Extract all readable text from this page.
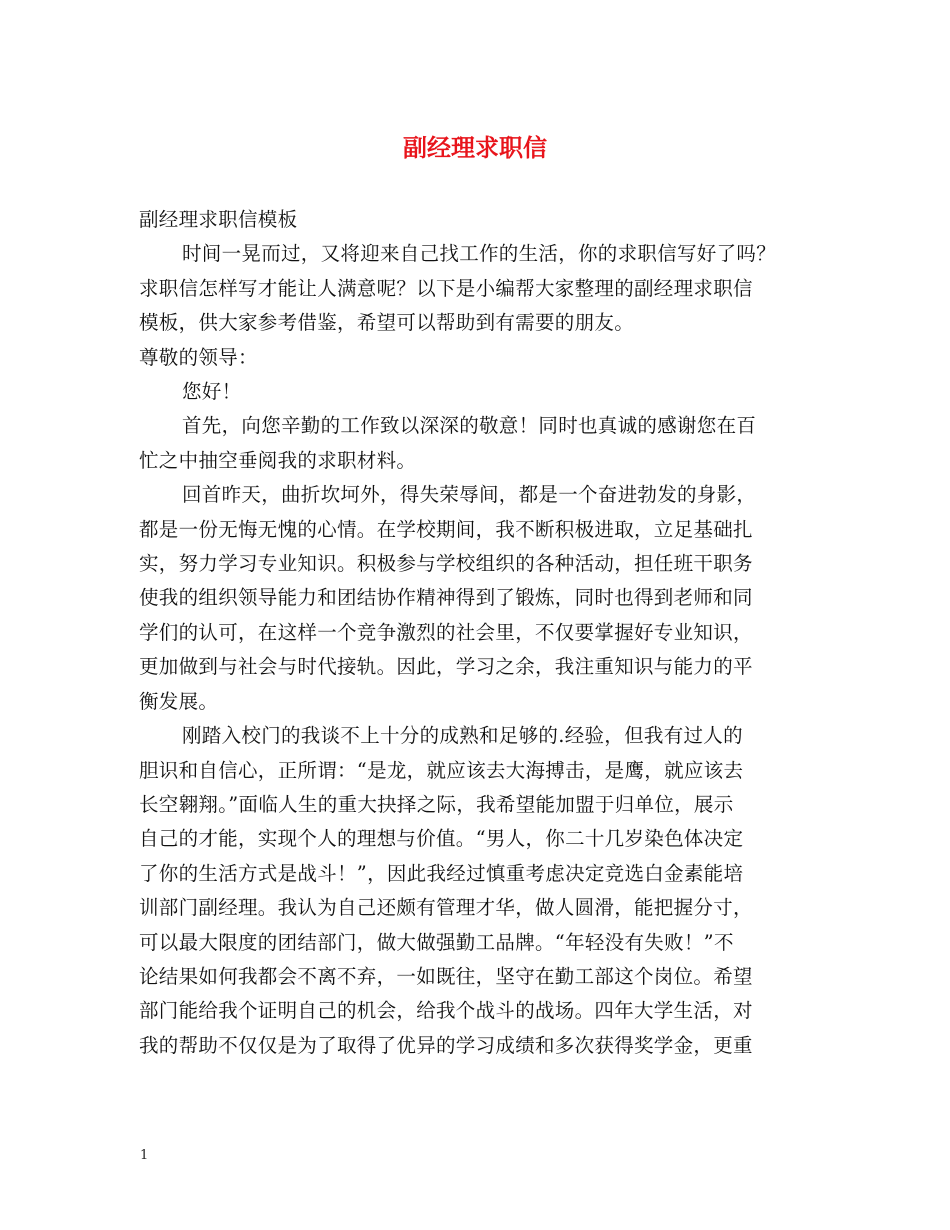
副经理求职信

副经理求职信模板

时间一晃而过，又将迎来自己找工作的生活，你的求职信写好了吗？

求职信怎样写才能让人满意呢？以下是小编帮大家整理的副经理求职信

模板，供大家参考借鉴，希望可以帮助到有需要的朋友。

尊敬的领导：

您好！

首先，向您辛勤的工作致以深深的敬意！同时也真诚的感谢您在百

忙之中抽空垂阅我的求职材料。

回首昨天，曲折坎坷外，得失荣辱间，都是一个奋进勃发的身影，

都是一份无悔无愧的心情。在学校期间，我不断积极进取，立足基础扎

实，努力学习专业知识。积极参与学校组织的各种活动，担任班干职务

使我的组织领导能力和团结协作精神得到了锻炼，同时也得到老师和同

学们的认可，在这样一个竞争激烈的社会里，不仅要掌握好专业知识，

更加做到与社会与时代接轨。因此，学习之余，我注重知识与能力的平

衡发展。

刚踏入校门的我谈不上十分的成熟和足够的.经验，但我有过人的

胆识和自信心，正所谓：“是龙，就应该去大海搏击，是鹰，就应该去

长空翱翔。”面临人生的重大抉择之际，我希望能加盟于归单位，展示

自己的才能，实现个人的理想与价值。“男人，你二十几岁染色体决定

了你的生活方式是战斗！”，因此我经过慎重考虑决定竞选白金素能培

训部门副经理。我认为自己还颇有管理才华，做人圆滑，能把握分寸，

可以最大限度的团结部门，做大做强勤工品牌。“年轻没有失败！”不

论结果如何我都会不离不弃，一如既往，坚守在勤工部这个岗位。希望

部门能给我个证明自己的机会，给我个战斗的战场。四年大学生活，对

我的帮助不仅仅是为了取得了优异的学习成绩和多次获得奖学金，更重

1
